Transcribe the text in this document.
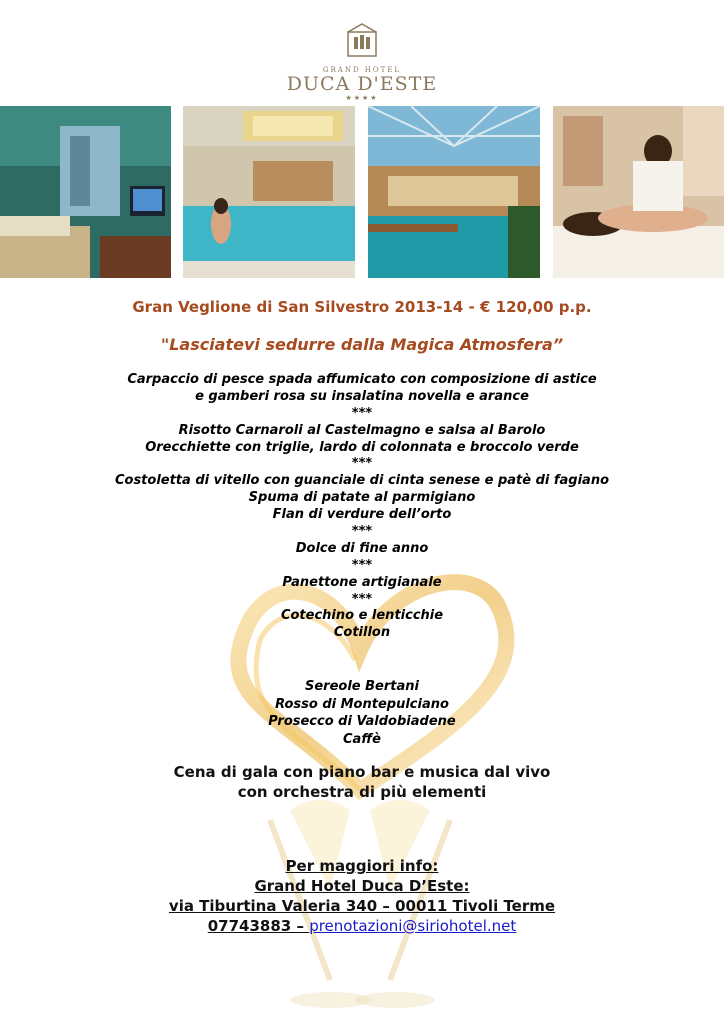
GRAND HOTEL
DUCA D'ESTE
★★★★
Gran Veglione di San Silvestro 2013-14 - € 120,00 p.p.
"Lasciatevi sedurre dalla Magica Atmosfera”
Carpaccio di pesce spada affumicato con composizione di astice
e gamberi rosa su insalatina novella e arance
***
Risotto Carnaroli al Castelmagno e salsa al Barolo
Orecchiette con triglie, lardo di colonnata e broccolo verde
***
Costoletta di vitello con guanciale di cinta senese e patè di fagiano
Spuma di patate al parmigiano
Flan di verdure dell’orto
***
Dolce di fine anno
***
Panettone artigianale
***
Cotechino e lenticchie
Cotillon
Sereole Bertani
Rosso di Montepulciano
Prosecco di Valdobiadene
Caffè
Cena di gala con piano bar e musica dal vivo
con orchestra di più elementi
Per maggiori info:
Grand Hotel Duca D’Este:
via Tiburtina Valeria 340 – 00011 Tivoli Terme
07743883 – prenotazioni@siriohotel.net
